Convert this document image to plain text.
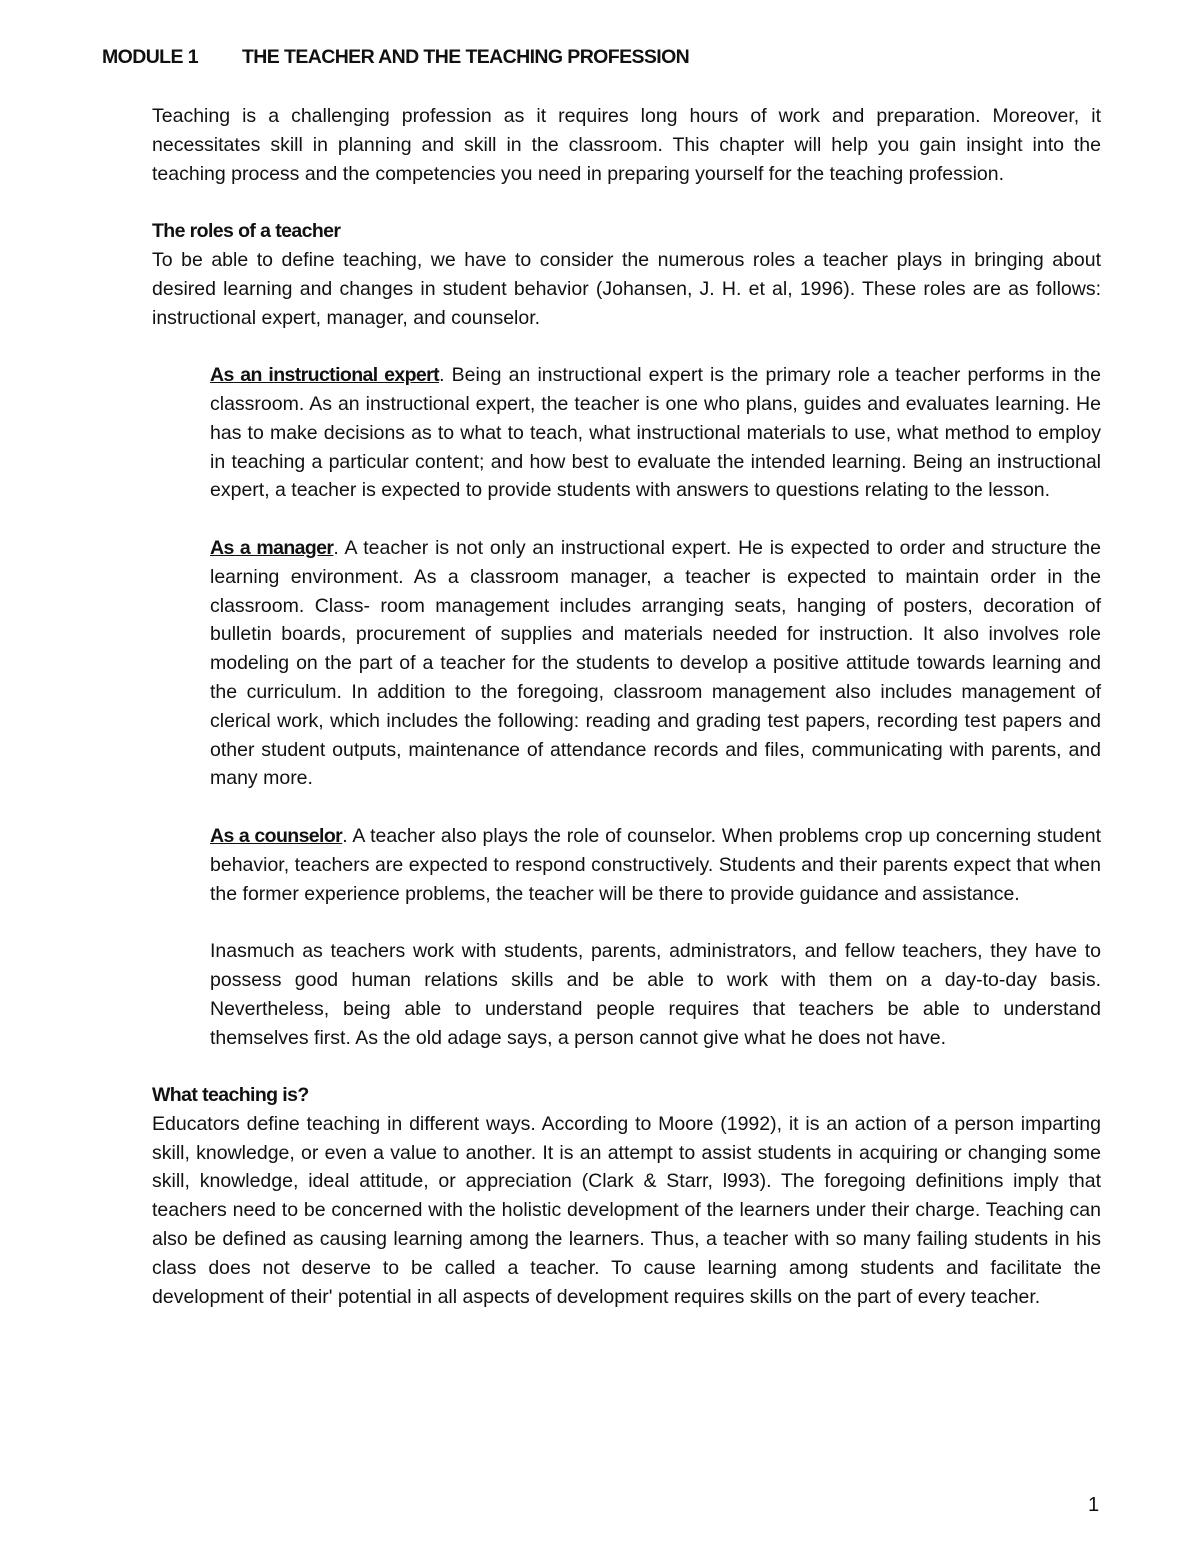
MODULE 1 THE TEACHER AND THE TEACHING PROFESSION

Teaching is a challenging profession as it requires long hours of work and preparation. Moreover, it necessitates skill in planning and skill in the classroom. This chapter will help you gain insight into the teaching process and the competencies you need in preparing yourself for the teaching profession.

The roles of a teacher

To be able to define teaching, we have to consider the numerous roles a teacher plays in bringing about desired learning and changes in student behavior (Johansen, J. H. et al, 1996). These roles are as follows: instructional expert, manager, and counselor.

As an instructional expert. Being an instructional expert is the primary role a teacher performs in the classroom. As an instructional expert, the teacher is one who plans, guides and evaluates learning. He has to make decisions as to what to teach, what instructional materials to use, what method to employ in teaching a particular content; and how best to evaluate the intended learning. Being an instructional expert, a teacher is expected to provide students with answers to questions relating to the lesson.

As a manager. A teacher is not only an instructional expert. He is expected to order and structure the learning environment. As a classroom manager, a teacher is expected to maintain order in the classroom. Class- room management includes arranging seats, hanging of posters, decoration of bulletin boards, procurement of supplies and materials needed for instruction. It also involves role modeling on the part of a teacher for the students to develop a positive attitude towards learning and the curriculum. In addition to the foregoing, classroom management also includes management of clerical work, which includes the following: reading and grading test papers, recording test papers and other student outputs, maintenance of attendance records and files, communicating with parents, and many more.

As a counselor. A teacher also plays the role of counselor. When problems crop up concerning student behavior, teachers are expected to respond constructively. Students and their parents expect that when the former experience problems, the teacher will be there to provide guidance and assistance.

Inasmuch as teachers work with students, parents, administrators, and fellow teachers, they have to possess good human relations skills and be able to work with them on a day-to-day basis. Nevertheless, being able to understand people requires that teachers be able to understand themselves first. As the old adage says, a person cannot give what he does not have.

What teaching is?

Educators define teaching in different ways. According to Moore (1992), it is an action of a person imparting skill, knowledge, or even a value to another. It is an attempt to assist students in acquiring or changing some skill, knowledge, ideal attitude, or appreciation (Clark & Starr, l993). The foregoing definitions imply that teachers need to be concerned with the holistic development of the learners under their charge. Teaching can also be defined as causing learning among the learners. Thus, a teacher with so many failing students in his class does not deserve to be called a teacher. To cause learning among students and facilitate the development of their' potential in all aspects of development requires skills on the part of every teacher.

1
